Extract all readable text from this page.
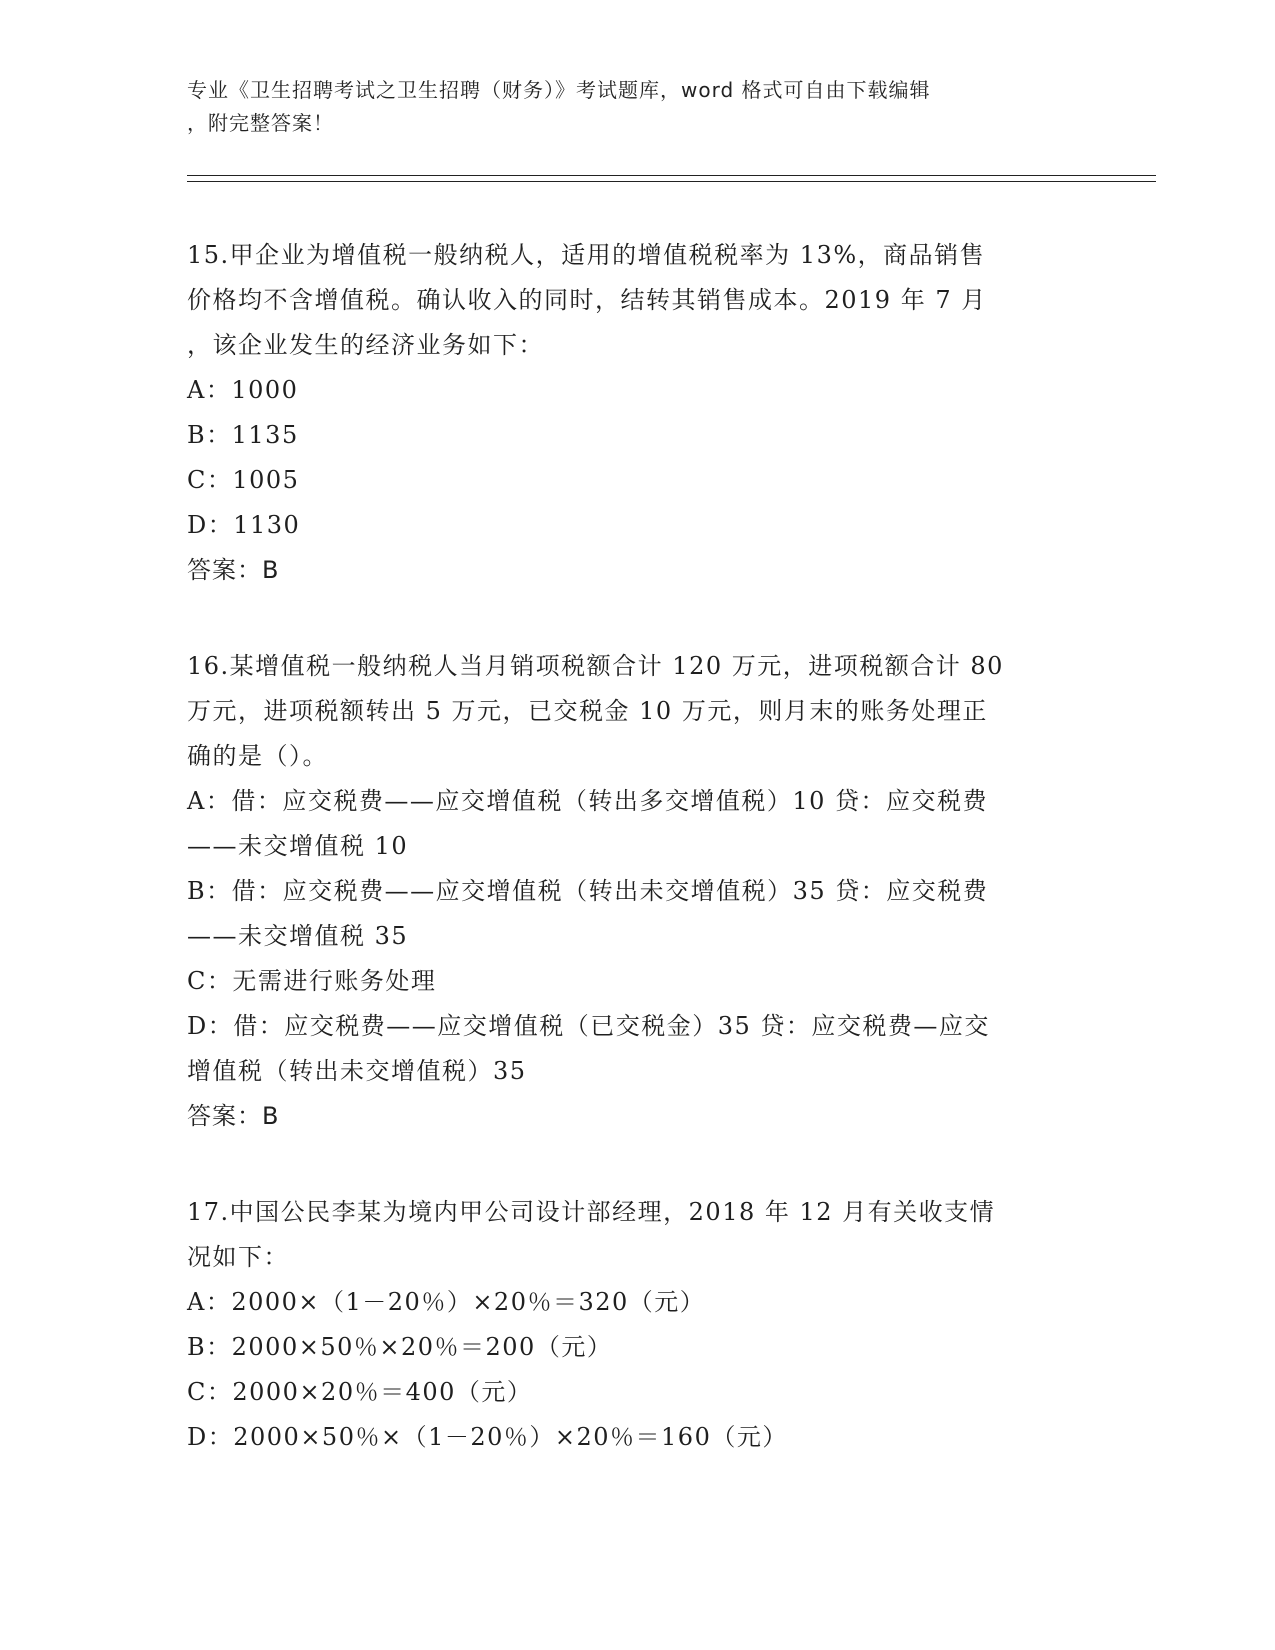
专业《卫生招聘考试之卫生招聘（财务）》考试题库，word 格式可自由下载编辑

，附完整答案！

15.甲企业为增值税一般纳税人，适用的增值税税率为 13%，商品销售

价格均不含增值税。确认收入的同时，结转其销售成本。2019 年 7 月

，该企业发生的经济业务如下：

A：1000

B：1135

C：1005

D：1130

答案：B

16.某增值税一般纳税人当月销项税额合计 120 万元，进项税额合计 80

万元，进项税额转出 5 万元，已交税金 10 万元，则月末的账务处理正

确的是（）。

A：借：应交税费——应交增值税（转出多交增值税）10 贷：应交税费

——未交增值税 10

B：借：应交税费——应交增值税（转出未交增值税）35 贷：应交税费

——未交增值税 35

C：无需进行账务处理

D：借：应交税费——应交增值税（已交税金）35 贷：应交税费—应交

增值税（转出未交增值税）35

答案：B

17.中国公民李某为境内甲公司设计部经理，2018 年 12 月有关收支情

况如下：

A：2000×（1－20％）×20％＝320（元）

B：2000×50％×20％＝200（元）

C：2000×20％＝400（元）

D：2000×50％×（1－20％）×20％＝160（元）
